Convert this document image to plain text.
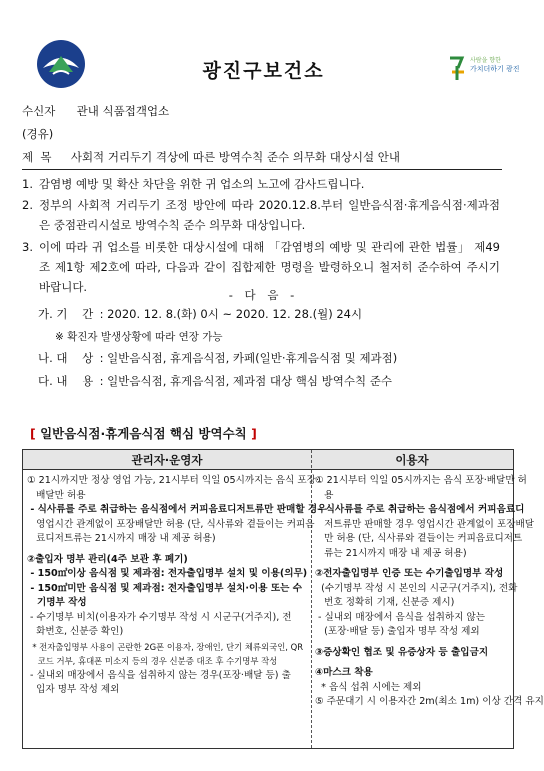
광진구보건소	사람을 향한
가치더하기 광진
수신자 관내 식품접객업소
(경유)
제  목 사회적 거리두기 격상에 따른 방역수칙 준수 의무화 대상시설 안내
1. 감염병 예방 및 확산 차단을 위한 귀 업소의 노고에 감사드립니다.
2. 정부의 사회적 거리두기 조정 방안에 따라 2020.12.8.부터 일반음식점·휴게음식점·제과점은 중점관리시설로 방역수칙 준수 의무화 대상입니다.
3. 이에 따라 귀 업소를 비롯한 대상시설에 대해 「감염병의 예방 및 관리에 관한 법률」 제49조 제1항 제2호에 따라, 다음과 같이 집합제한 명령을 발령하오니 철저히 준수하여 주시기 바랍니다.
- 다 음 -
가. 기    간 : 2020. 12. 8.(화) 0시 ~ 2020. 12. 28.(월) 24시
※ 확진자 발생상황에 따라 연장 가능
나. 대    상 : 일반음식점, 휴게음식점, 카페(일반·휴게음식점 및 제과점)
다. 내    용 : 일반음식점, 휴게음식점, 제과점 대상 핵심 방역수칙 준수
[ 일반음식점·휴게음식점 핵심 방역수칙 ]
관리자·운영자	이용자
① 21시까지만 정상 영업 가능, 21시부터 익일 05시까지는 음식 포장·
배달만 허용
- 식사류를 주로 취급하는 음식점에서 커피음료디저트류만 판매할 경우
영업시간 관계없이 포장배달만 허용 (단, 식사류와 곁들이는 커피음
료디저트류는 21시까지 매장 내 제공 허용)
②출입자 명부 관리(4주 보관 후 폐기)
- 150㎡이상 음식점 및 제과점: 전자출입명부 설치 및 이용(의무)
- 150㎡미만 음식점 및 제과점: 전자출입명부 설치·이용 또는 수
기명부 작성
- 수기명부 비치(이용자가 수기명부 작성 시 시군구(거주지), 전
화번호, 신분증 확인)
* 전자출입명부 사용이 곤란한 2G폰 이용자, 장애인, 단기 체류외국인, QR
코드 거부, 휴대폰 미소지 등의 경우 신분증 대조 후 수기명부 작성
- 실내외 매장에서 음식을 섭취하지 않는 경우(포장·배달 등) 출
입자 명부 작성 제외
① 21시부터 익일 05시까지는 음식 포장·배달만 허
용
- 식사류를 주로 취급하는 음식점에서 커피음료디
저트류만 판매할 경우 영업시간 관계없이 포장배달
만 허용 (단, 식사류와 곁들이는 커피음료디저트
류는 21시까지 매장 내 제공 허용)
②전자출입명부 인증 또는 수기출입명부 작성
(수기명부 작성 시 본인의 시군구(거주지), 전화
번호 정확히 기재, 신분증 제시)
- 실내외 매장에서 음식을 섭취하지 않는
(포장·배달 등) 출입자 명부 작성 제외
③증상확인 협조 및 유증상자 등 출입금지
④마스크 착용
* 음식 섭취 시에는 제외
⑤ 주문대기 시 이용자간 2m(최소 1m) 이상 간격 유지
